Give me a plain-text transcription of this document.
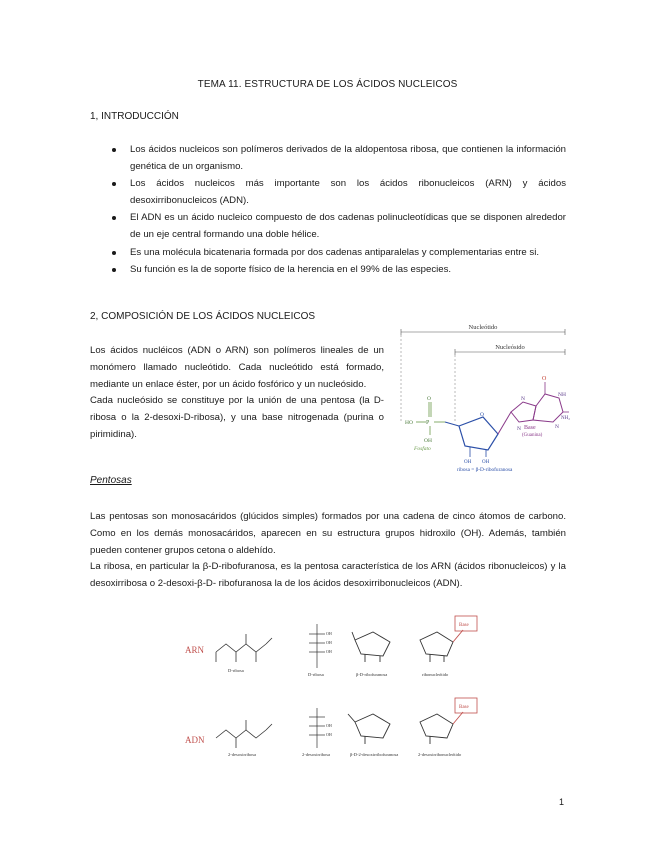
TEMA 11. ESTRUCTURA DE LOS ÁCIDOS NUCLEICOS
1, INTRODUCCIÓN
Los ácidos nucleicos son polímeros derivados de la aldopentosa ribosa, que contienen la información genética de un organismo.
Los ácidos nucleicos más importante son los ácidos ribonucleicos (ARN) y ácidos desoxirribonucleicos (ADN).
El ADN es un ácido nucleico compuesto de dos cadenas polinucleotídicas que se disponen alrededor de un eje central formando una doble hélice.
Es una molécula bicatenaria formada por dos cadenas antiparalelas y complementarias entre si.
Su función es la de soporte físico de la herencia en el 99% de las especies.
2, COMPOSICIÓN DE LOS ÁCIDOS NUCLEICOS

Los ácidos nucléicos (ADN o ARN) son polímeros lineales de un monómero llamado nucleótido. Cada nucleótido está formado, mediante un enlace éster, por un ácido fosfórico y un nucleósido.

Cada nucleósido se constituye por la unión de una pentosa (la D-ribosa o la 2-desoxi-D-ribosa), y una base nitrogenada (purina o pirimidina).

Nucleótido
Nucleósido
HO P
O
OH
Fosfato
O
OH OH
ribosa = β-D-ribofuranosa
O
N
NH
N
NH₂
N Base
(Guanina)
Pentosas

Las pentosas son monosacáridos (glúcidos simples) formados por una cadena de cinco átomos de carbono. Como en los demás monosacáridos, aparecen en su estructura grupos hidroxilo (OH). Además, también pueden contener grupos cetona o aldehído.

La ribosa, en particular la β-D-ribofuranosa, es la pentosa característica de los ARN (ácidos ribonucleicos) y la desoxirribosa o 2-desoxi-β-D- ribofuranosa la de los ácidos desoxirribonucleicos (ADN).

ARN
D-ribosa
OH
OH
OH
D-ribosa	β-D-ribofuranosa
Base
ribonucleótido
ADN
2-desoxirribosa
OH
OH
2-desoxirribosa	β-D-2-desoxirribofuranosa
Base
2-desoxirribonucleótido
1
